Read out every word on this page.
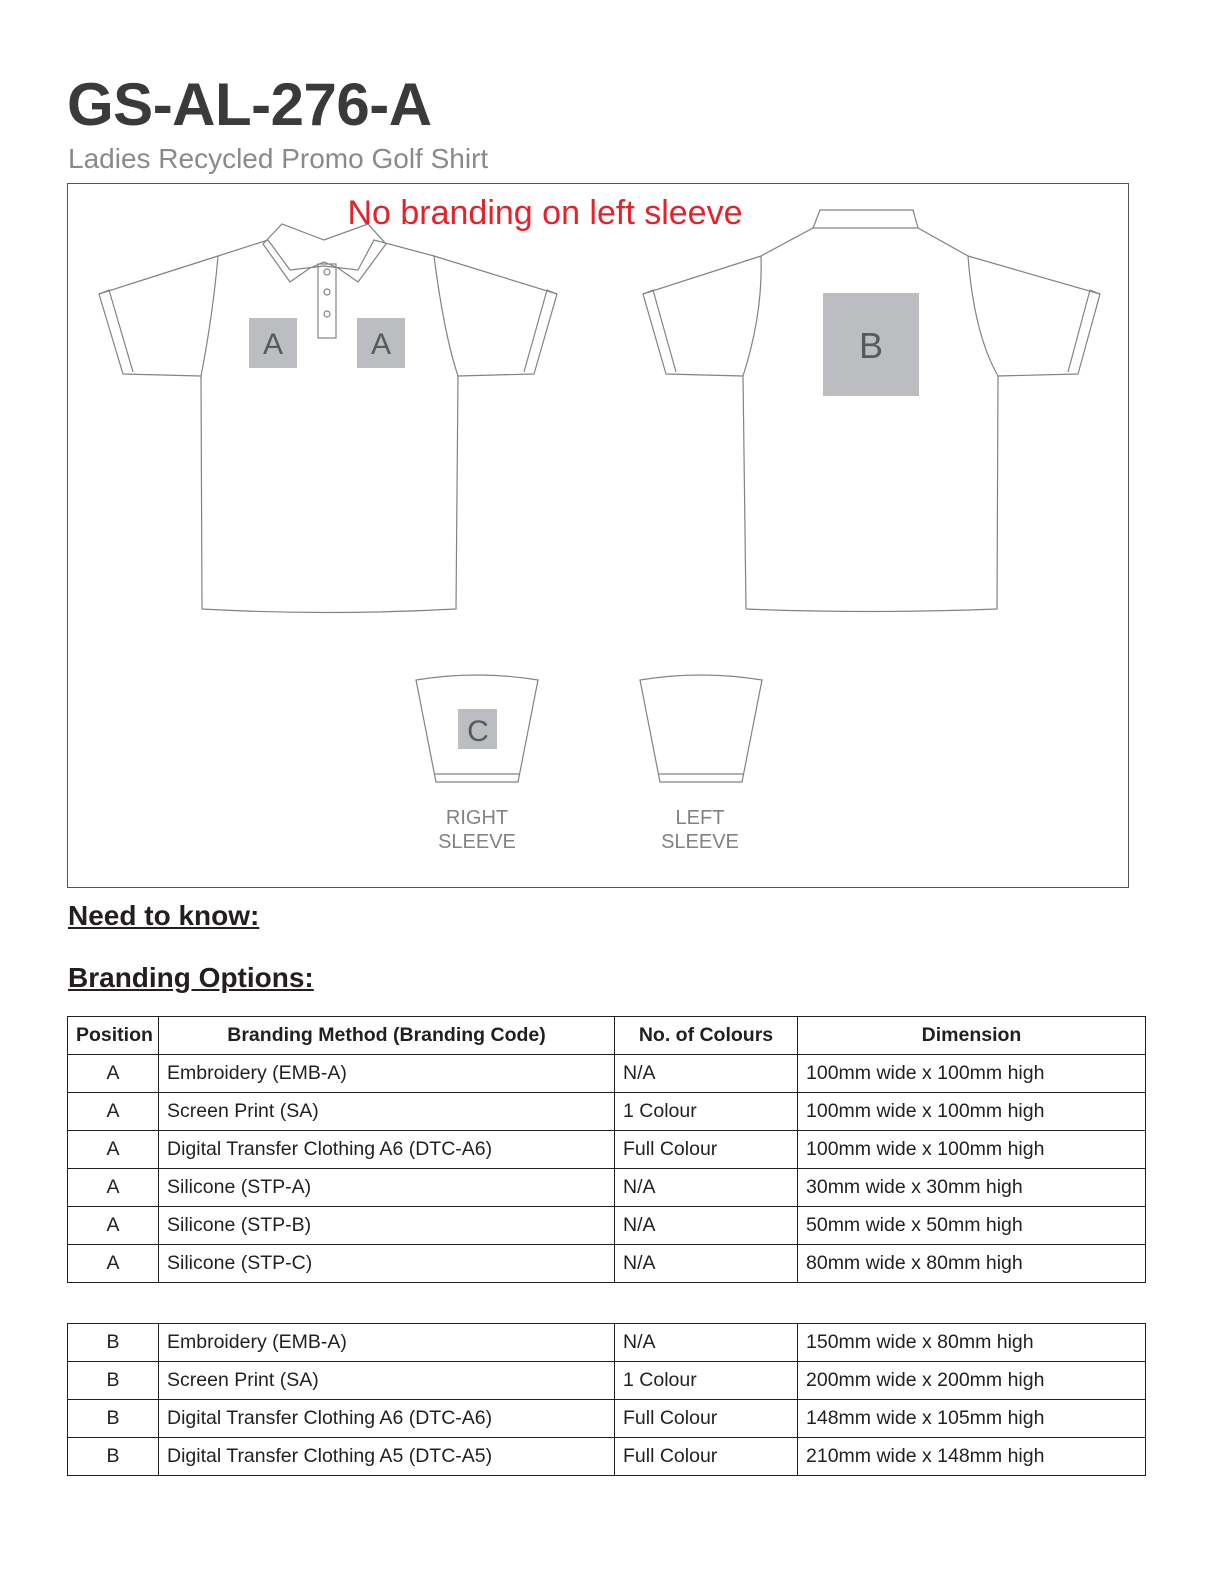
GS-AL-276-A

Ladies Recycled Promo Golf Shirt

A	A	B
C
RIGHT
SLEEVE
LEFT
SLEEVE
No branding on left sleeve
Need to know:
Branding Options:
Position	Branding Method (Branding Code)	No. of Colours	Dimension
A	Embroidery (EMB-A)	N/A	100mm wide x 100mm high
A	Screen Print (SA)	1 Colour	100mm wide x 100mm high
A	Digital Transfer Clothing A6 (DTC-A6)	Full Colour	100mm wide x 100mm high
A	Silicone (STP-A)	N/A	30mm wide x 30mm high
A	Silicone (STP-B)	N/A	50mm wide x 50mm high
A	Silicone (STP-C)	N/A	80mm wide x 80mm high
B	Embroidery (EMB-A)	N/A	150mm wide x 80mm high
B	Screen Print (SA)	1 Colour	200mm wide x 200mm high
B	Digital Transfer Clothing A6 (DTC-A6)	Full Colour	148mm wide x 105mm high
B	Digital Transfer Clothing A5 (DTC-A5)	Full Colour	210mm wide x 148mm high
